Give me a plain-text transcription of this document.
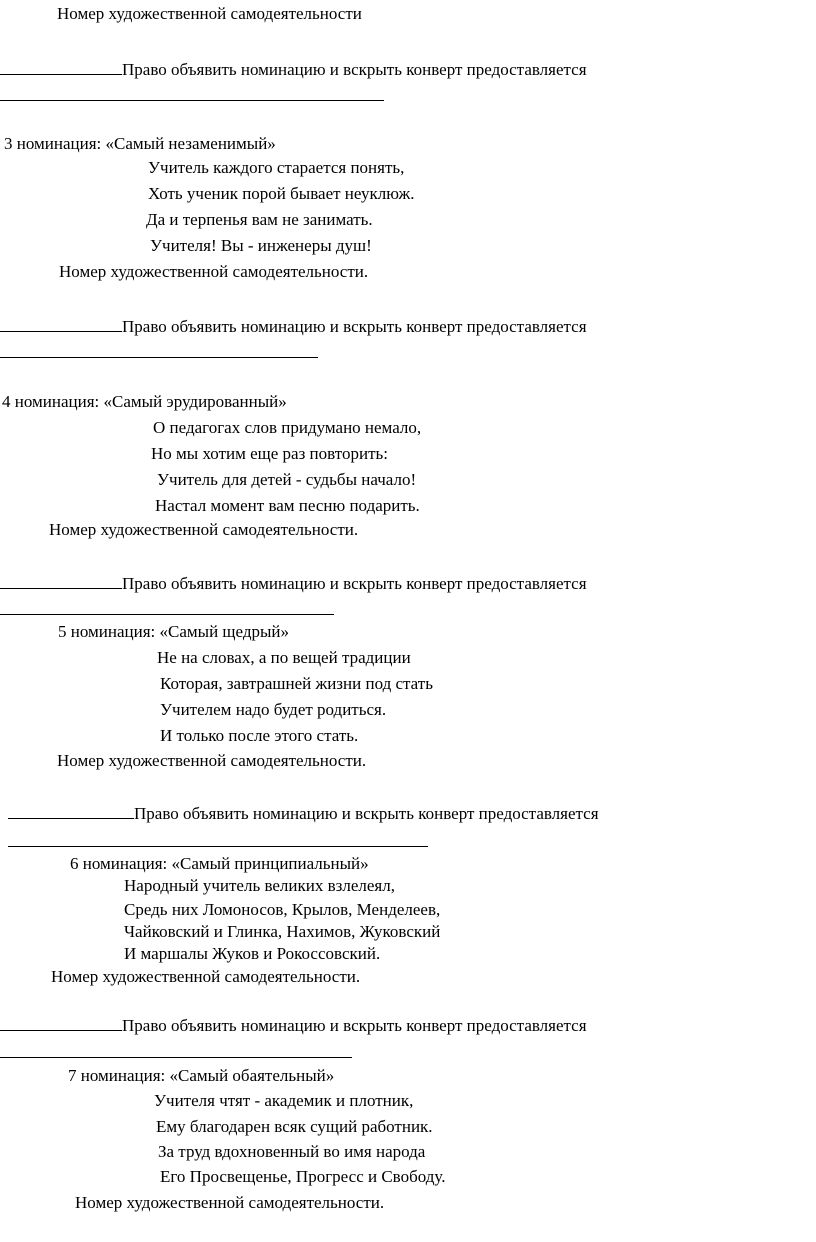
Номер художественной самодеятельности
Право объявить номинацию и вскрыть конверт предоставляется
3 номинация: «Самый незаменимый»
Учитель каждого старается понять,
Хоть ученик порой бывает неуклюж.
Да и терпенья вам не занимать.
Учителя! Вы - инженеры душ!
Номер художественной самодеятельности.
Право объявить номинацию и вскрыть конверт предоставляется
4 номинация: «Самый эрудированный»
О педагогах слов придумано немало,
Но мы хотим еще раз повторить:
Учитель для детей - судьбы начало!
Настал момент вам песню подарить.
Номер художественной самодеятельности.
Право объявить номинацию и вскрыть конверт предоставляется
5 номинация: «Самый щедрый»
Не на словах, а по вещей традиции
Которая, завтрашней жизни под стать
Учителем надо будет родиться.
И только после этого стать.
Номер художественной самодеятельности.
Право объявить номинацию и вскрыть конверт предоставляется
6 номинация: «Самый принципиальный»
Народный учитель великих взлелеял,
Средь них Ломоносов, Крылов, Менделеев,
Чайковский и Глинка, Нахимов, Жуковский
И маршалы Жуков и Рокоссовский.
Номер художественной самодеятельности.
Право объявить номинацию и вскрыть конверт предоставляется
7 номинация: «Самый обаятельный»
Учителя чтят - академик и плотник,
Ему благодарен всяк сущий работник.
За труд вдохновенный во имя народа
Его Просвещенье, Прогресс и Свободу.
Номер художественной самодеятельности.
